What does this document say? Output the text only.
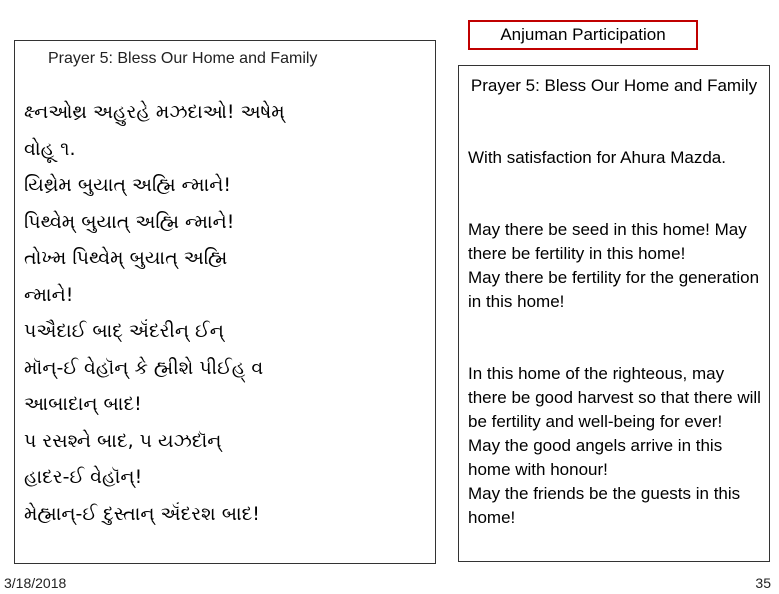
Prayer 5: Bless Our Home and Family
ક્ષ્નઓથ્ર અહુરહે મઝદાઓ! અષેમ્
વોહૂ ૧.
યિથ્રેમ બુયાત્ અહ્મિ ન્માને!
પિથ્વેમ્ બુયાત્ અહ્મિ ન્માને!
તોખ્મ પિથ્વેમ્ બુયાત્ અહ્મિ
ન્માને!
પઐદાઈ બાદ્ ઍંદરીન્ ઈન્
મૉન્-ઈ વેહૉન્ કે હ્મીશે પીઈહ્ વ
આબાદાન્ બાદ!
પ રસશ્ને બાદ, પ યઝદૉન્
હાદર-ઈ વેહૉન્!
મેહ્માન્-ઈ દુસ્તાન્ ઍંદરશ બાદ!
Anjuman Participation
Prayer 5: Bless Our Home and Family
With satisfaction for Ahura Mazda.
May there be seed in this home! May there be fertility in this home!
May there be fertility for the generation in this home!
In this home of the righteous, may there be good harvest so that there will be fertility and well-being for ever!
May the good angels arrive in this home with honour!
May the friends be the guests in this home!
3/18/2018	35
